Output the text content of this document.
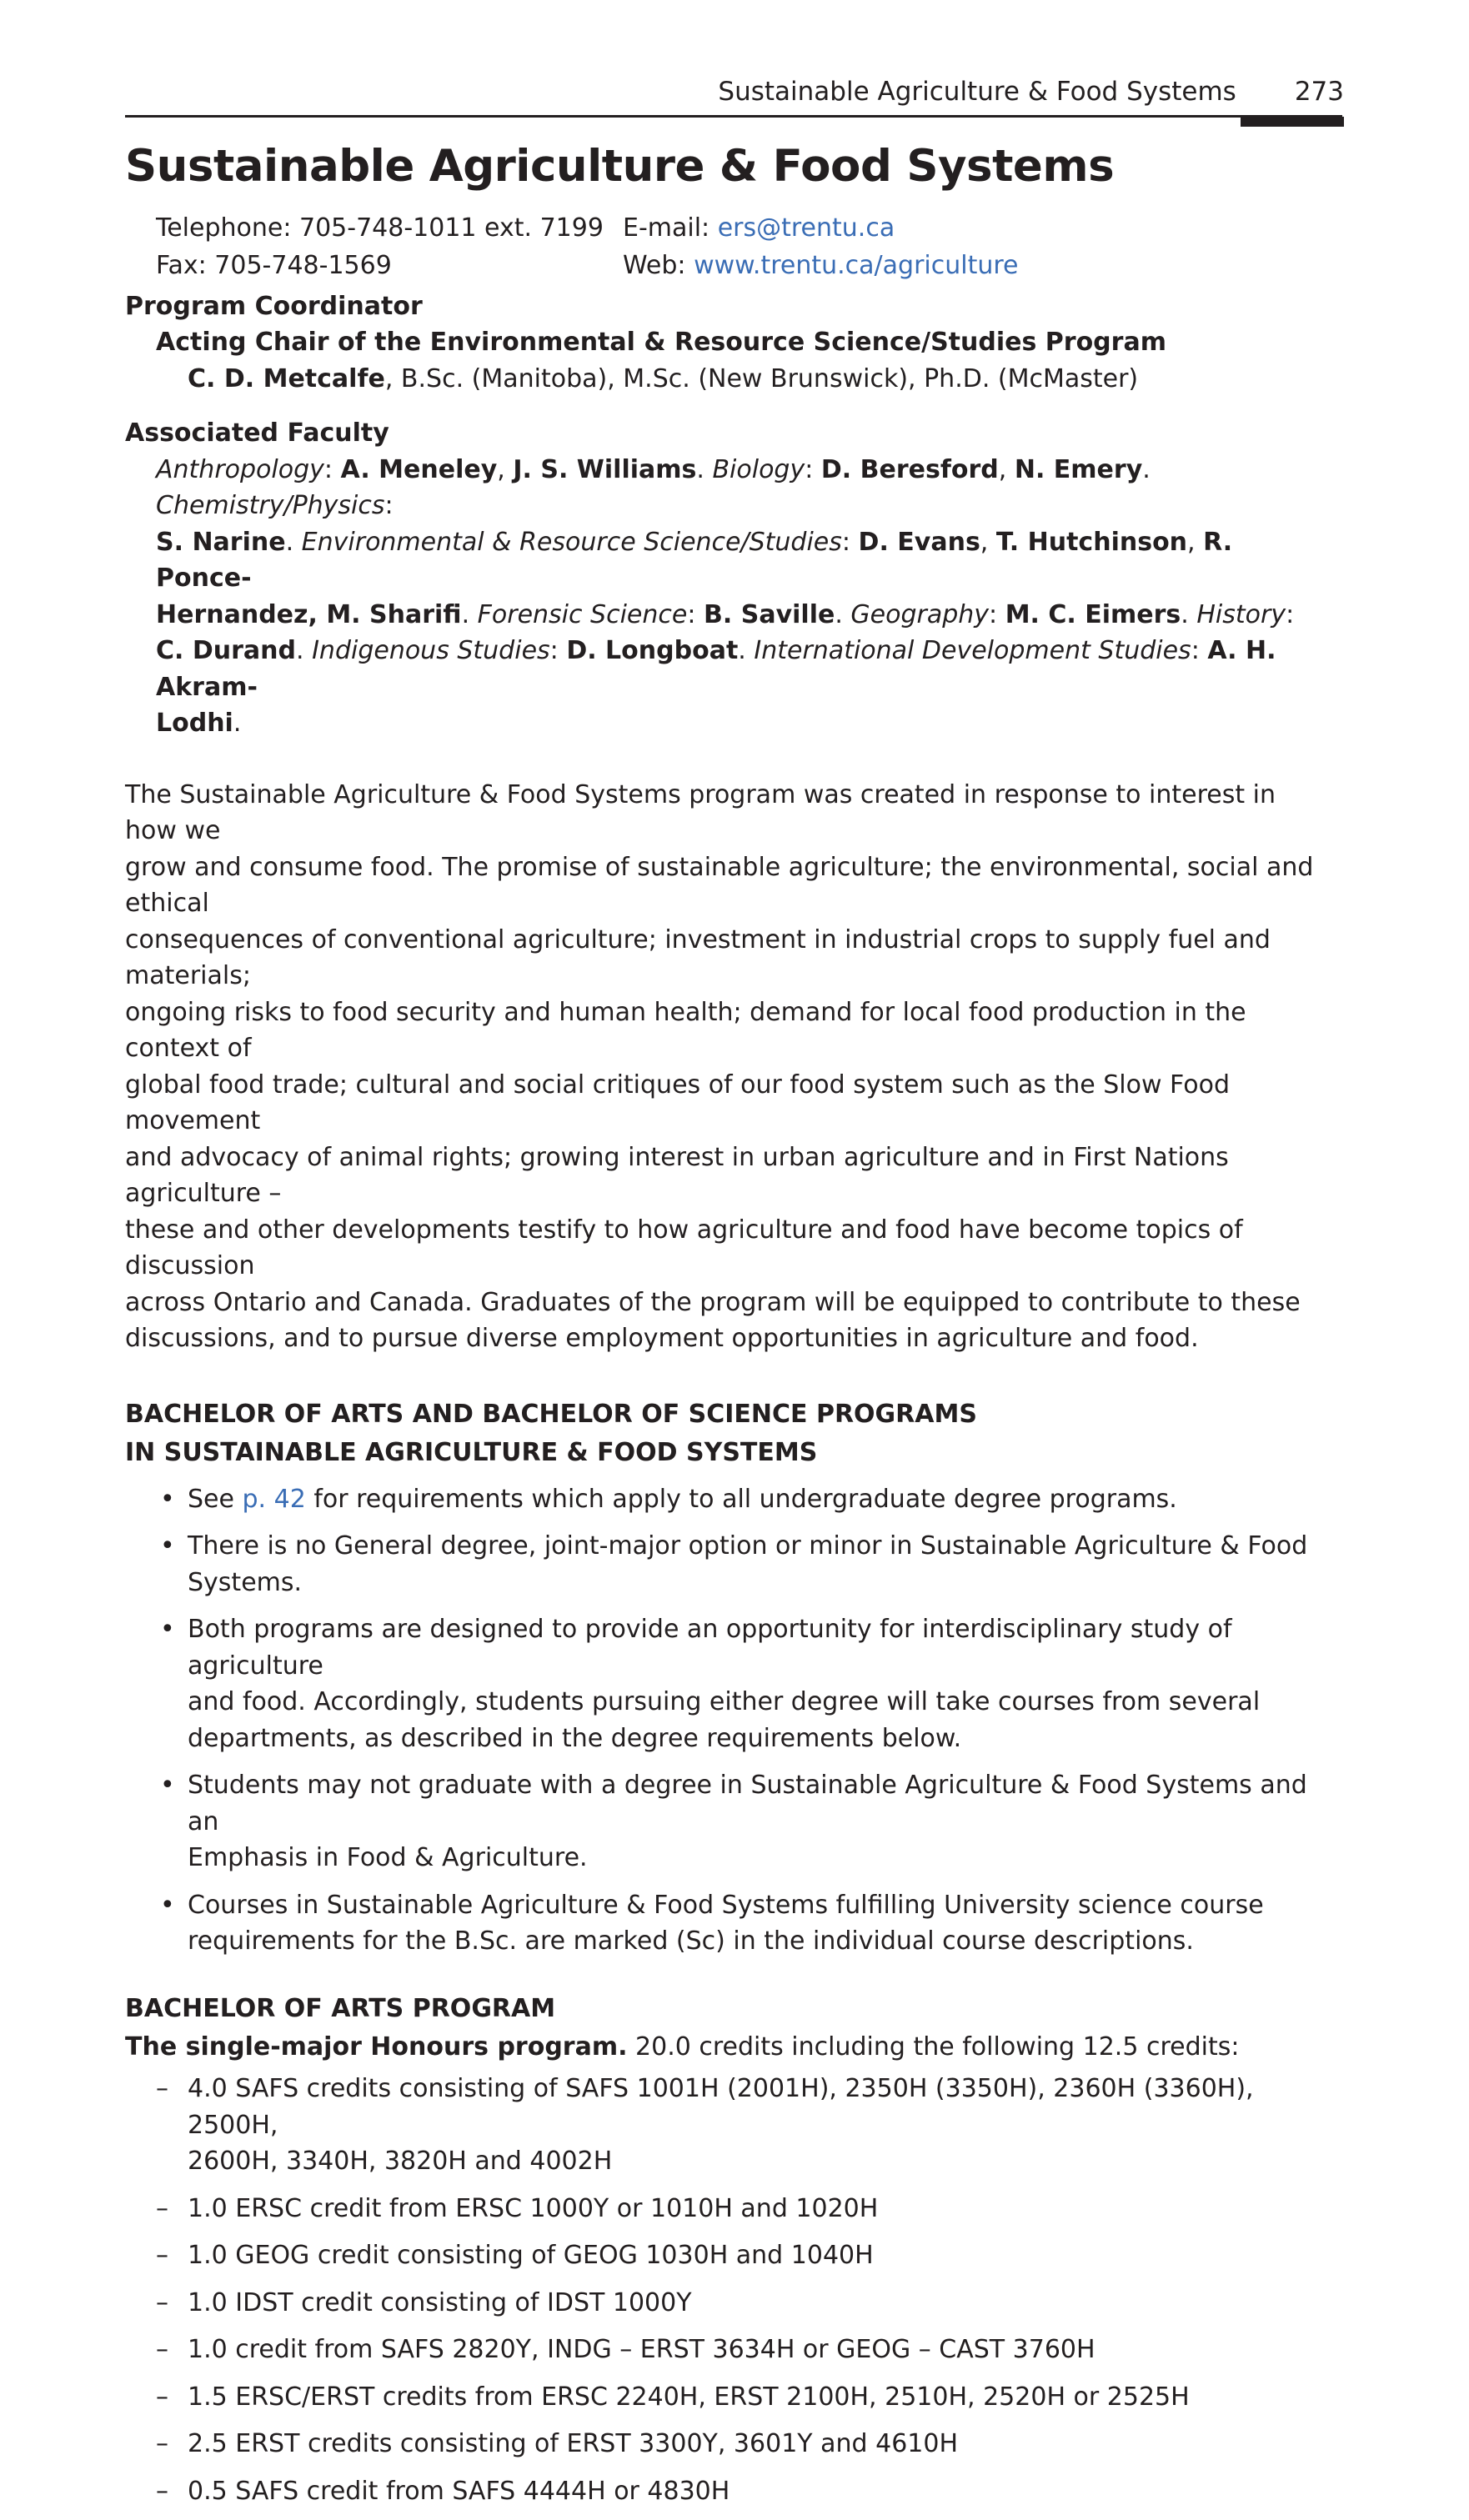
Sustainable Agriculture & Food Systems 273
Sustainable Agriculture & Food Systems
Telephone: 705-748-1011 ext. 7199 E-mail: ers@trentu.ca
Fax: 705-748-1569	Web: www.trentu.ca/agriculture
Program Coordinator
Acting Chair of the Environmental & Resource Science/Studies Program
C. D. Metcalfe, B.Sc. (Manitoba), M.Sc. (New Brunswick), Ph.D. (McMaster)
Associated Faculty
Anthropology: A. Meneley, J. S. Williams. Biology: D. Beresford, N. Emery. Chemistry/Physics:
S. Narine. Environmental & Resource Science/Studies: D. Evans, T. Hutchinson, R. Ponce-
Hernandez, M. Sharifi. Forensic Science: B. Saville. Geography: M. C. Eimers. History:
C. Durand. Indigenous Studies: D. Longboat. International Development Studies: A. H. Akram-
Lodhi.

The Sustainable Agriculture & Food Systems program was created in response to interest in how we
grow and consume food. The promise of sustainable agriculture; the environmental, social and ethical
consequences of conventional agriculture; investment in industrial crops to supply fuel and materials;
ongoing risks to food security and human health; demand for local food production in the context of
global food trade; cultural and social critiques of our food system such as the Slow Food movement
and advocacy of animal rights; growing interest in urban agriculture and in First Nations agriculture –
these and other developments testify to how agriculture and food have become topics of discussion
across Ontario and Canada. Graduates of the program will be equipped to contribute to these
discussions, and to pursue diverse employment opportunities in agriculture and food.

BACHELOR OF ARTS AND BACHELOR OF SCIENCE PROGRAMS
IN SUSTAINABLE AGRICULTURE & FOOD SYSTEMS
• See p. 42 for requirements which apply to all undergraduate degree programs.
• There is no General degree, joint-major option or minor in Sustainable Agriculture & Food
Systems.
• Both programs are designed to provide an opportunity for interdisciplinary study of agriculture
and food. Accordingly, students pursuing either degree will take courses from several
departments, as described in the degree requirements below.
• Students may not graduate with a degree in Sustainable Agriculture & Food Systems and an
Emphasis in Food & Agriculture.
• Courses in Sustainable Agriculture & Food Systems fulfilling University science course
requirements for the B.Sc. are marked (Sc) in the individual course descriptions.
BACHELOR OF ARTS PROGRAM
The single-major Honours program. 20.0 credits including the following 12.5 credits:
– 4.0 SAFS credits consisting of SAFS 1001H (2001H), 2350H (3350H), 2360H (3360H), 2500H,
2600H, 3340H, 3820H and 4002H
– 1.0 ERSC credit from ERSC 1000Y or 1010H and 1020H
– 1.0 GEOG credit consisting of GEOG 1030H and 1040H
– 1.0 IDST credit consisting of IDST 1000Y
– 1.0 credit from SAFS 2820Y, INDG – ERST 3634H or GEOG – CAST 3760H
– 1.5 ERSC/ERST credits from ERSC 2240H, ERST 2100H, 2510H, 2520H or 2525H
– 2.5 ERST credits consisting of ERST 3300Y, 3601Y and 4610H
– 0.5 SAFS credit from SAFS 4444H or 4830H
